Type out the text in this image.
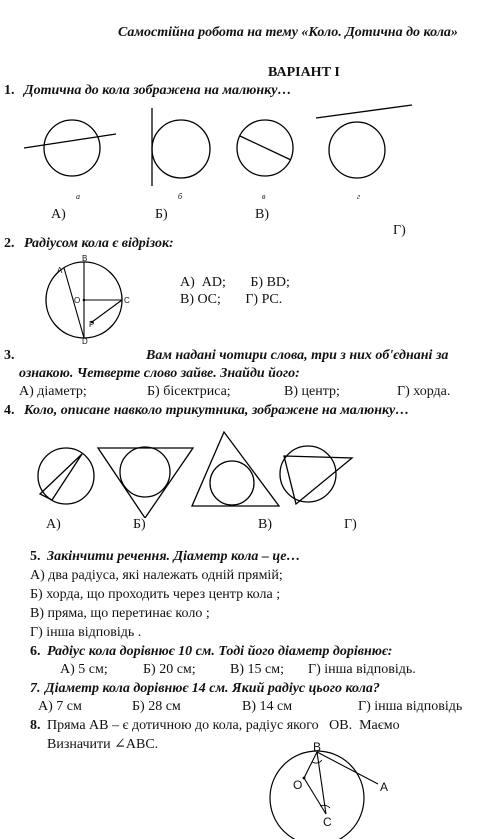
Самостійна робота на тему «Коло. Дотична до кола»
ВАРІАНТ І
1. Дотична до кола зображена на малюнку…
а	б	в	г
А)	Б)	В)
Г)
2. Радіусом кола є відрізок:
B
A
O	C
P
D
А)  AD;       Б) BD;
В) OC;       Г) PC.
3.	Вам надані чотири слова, три з них об'єднані за
ознакою. Четверте слово зайве. Знайди його:
А) діаметр;	Б) бісектриса;	В) центр;	Г) хорда.
4. Коло, описане навколо трикутника, зображене на малюнку…
А)	Б)	В)	Г)
5. Закінчити речення. Діаметр кола – це…
А) два радіуса, які належать одній прямій;
Б) хорда, що проходить через центр кола ;
В) пряма, що перетинає коло ;
Г) інша відповідь .
6. Радіус кола дорівнює 10 см. Тоді його діаметр дорівнює:
А) 5 см;	Б) 20 см; В) 15 см; Г) інша відповідь.
7. Діаметр кола дорівнює 14 см. Який радіус цього кола?
А) 7 см	Б) 28 см	В) 14 см	Г) інша відповідь
8. Пряма AB – є дотичною до кола, радіус якого   OB.  Маємо
Визначити ∠ABC.	B
O	A
C
